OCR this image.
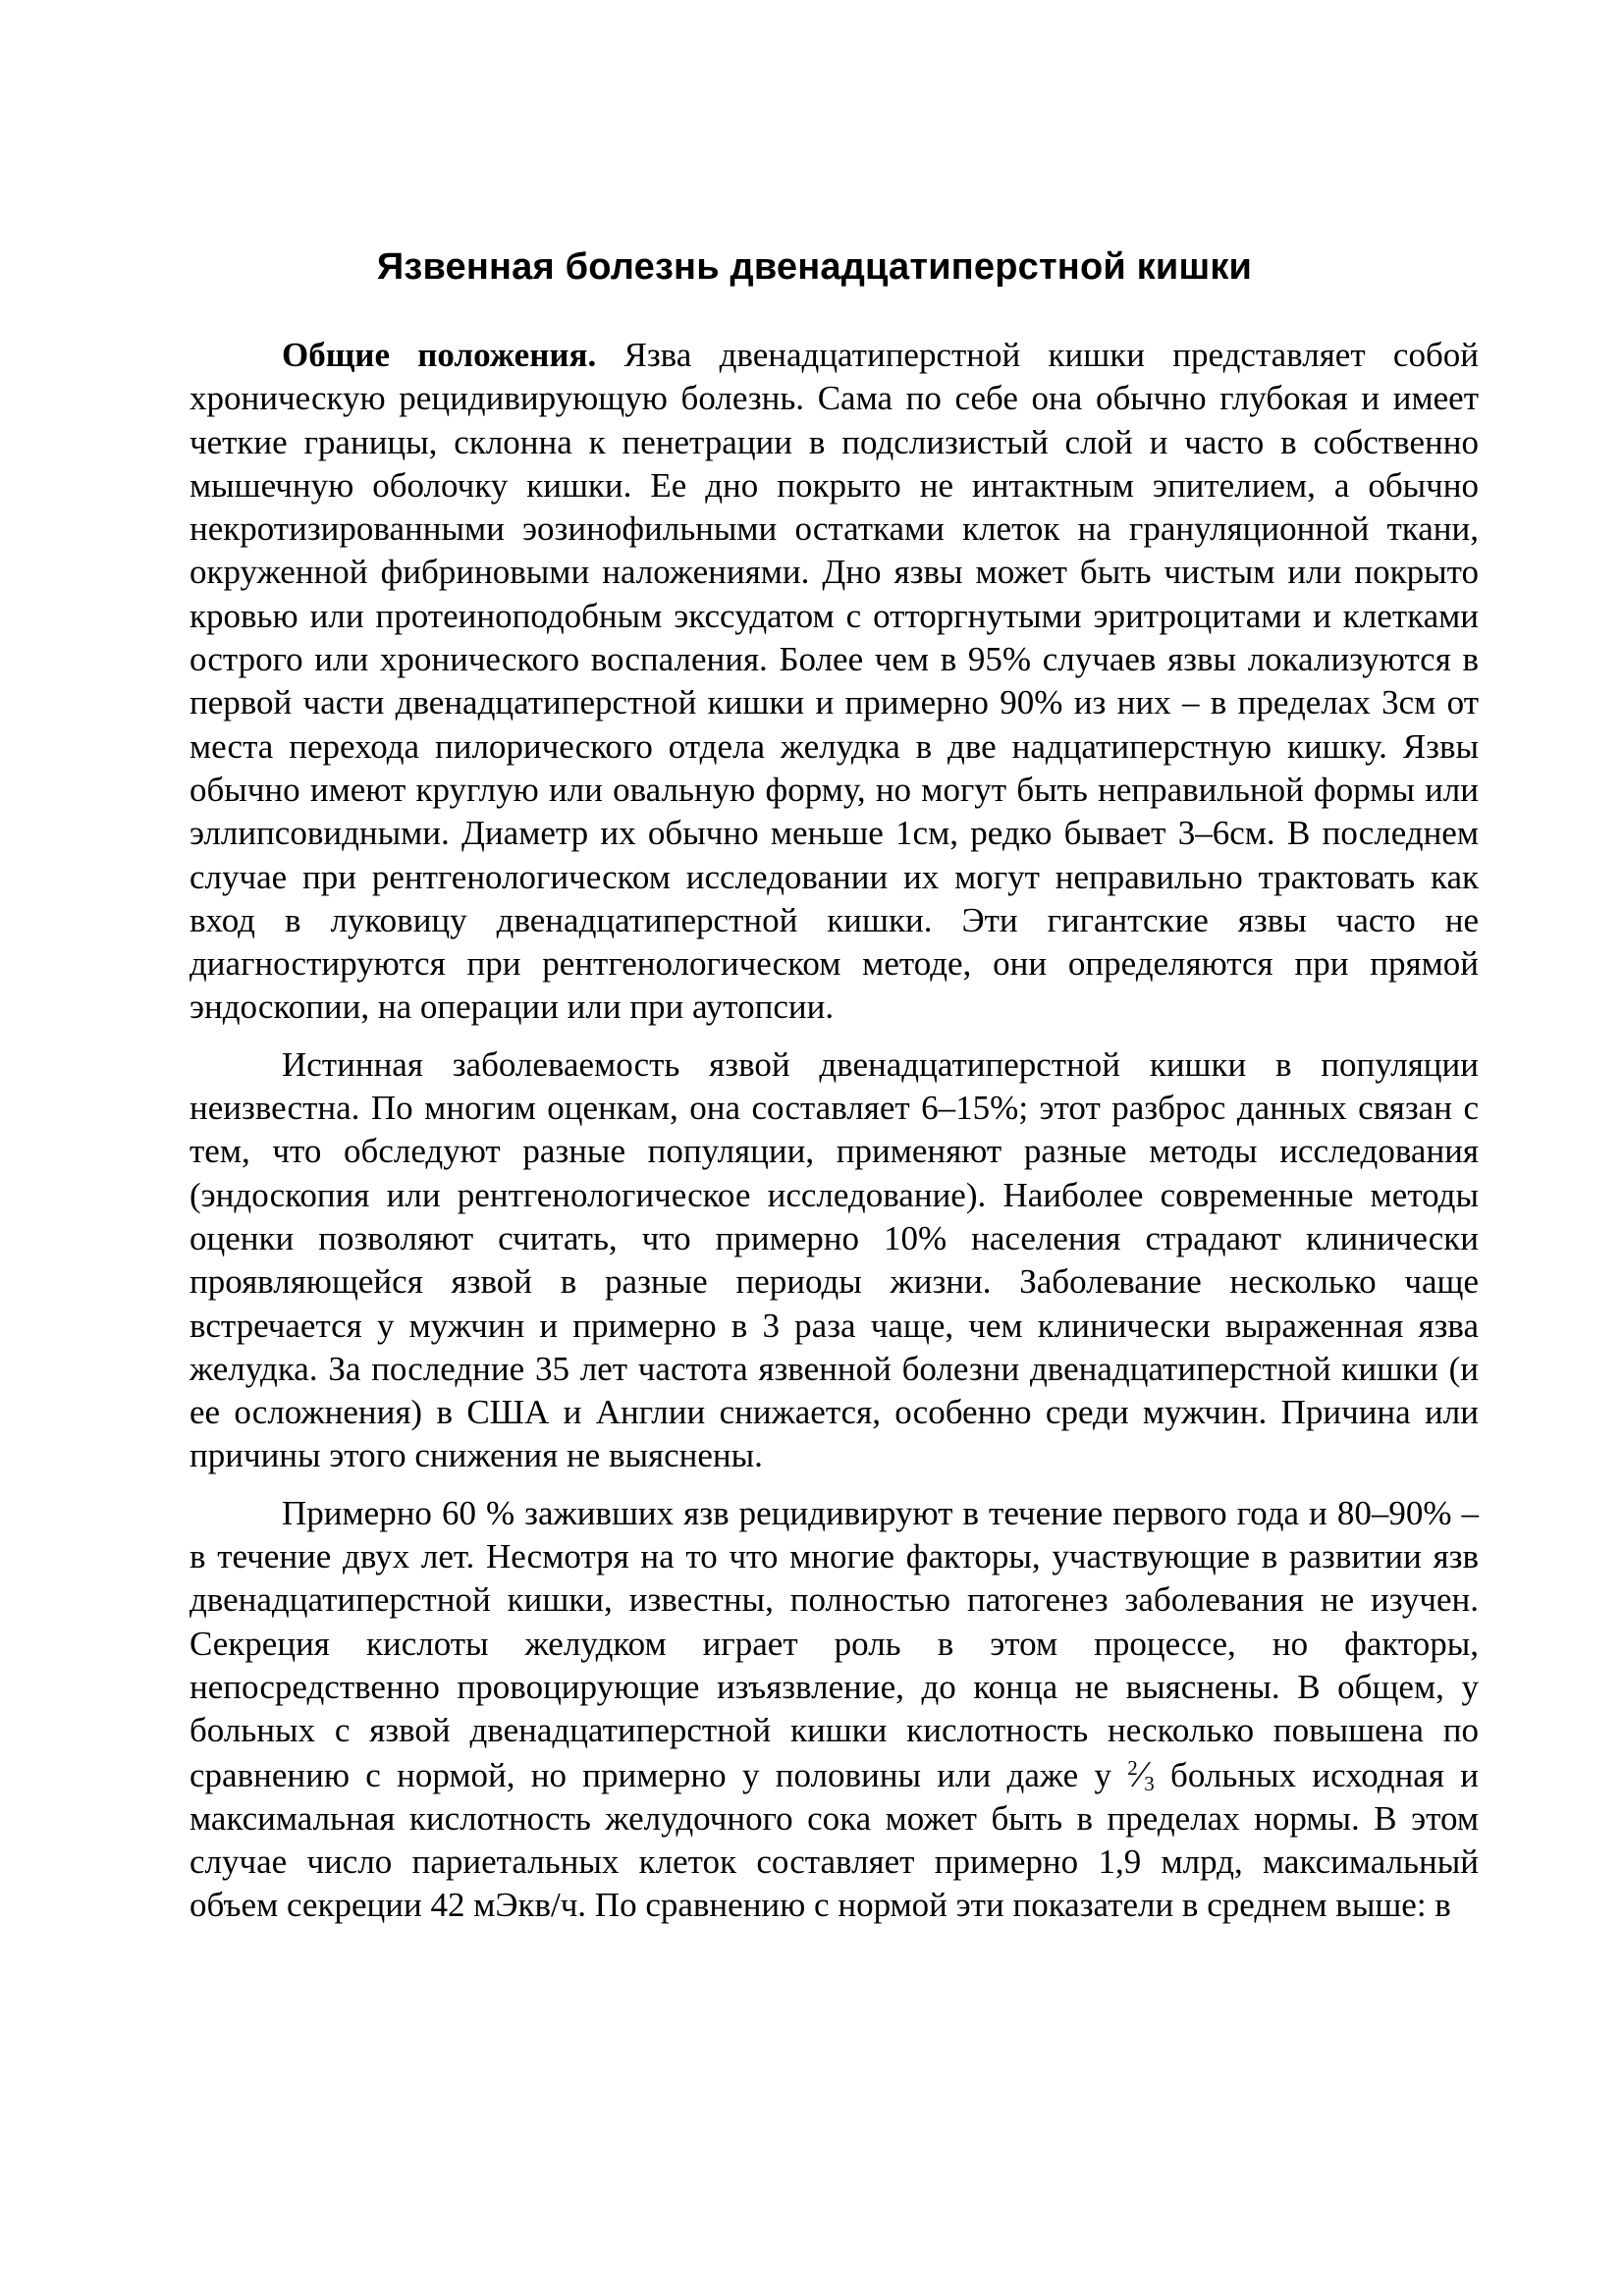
Язвенная болезнь двенадцатиперстной кишки

Общие положения. Язва двенадцатиперстной кишки представляет собой хроническую рецидивирующую болезнь. Сама по себе она обычно глубокая и имеет четкие границы, склонна к пенетрации в подслизистый слой и часто в собственно мышечную оболочку кишки. Ее дно покрыто не интактным эпителием, а обычно некротизированными эозинофильными остатками клеток на грануляционной ткани, окруженной фибриновыми наложениями. Дно язвы может быть чистым или покрыто кровью или протеиноподобным экссудатом с отторгнутыми эритроцитами и клетками острого или хронического воспаления. Более чем в 95% случаев язвы локализуются в первой части двенадцатиперстной кишки и примерно 90% из них – в пределах 3см от места перехода пилорического отдела желудка в две надцатиперстную кишку. Язвы обычно имеют круглую или овальную форму, но могут быть неправильной формы или эллипсовидными. Диаметр их обычно меньше 1см, редко бывает 3–6см. В последнем случае при рентгенологическом исследовании их могут неправильно трактовать как вход в луковицу двенадцатиперстной кишки. Эти гигантские язвы часто не диагностируются при рентгенологическом методе, они определяются при прямой эндоскопии, на операции или при аутопсии.

Истинная заболеваемость язвой двенадцатиперстной кишки в популяции неизвестна. По многим оценкам, она составляет 6–15%; этот разброс данных связан с тем, что обследуют разные популяции, применяют разные методы исследования (эндоскопия или рентгенологическое исследование). Наиболее современные методы оценки позволяют считать, что примерно 10% населения страдают клинически проявляющейся язвой в разные периоды жизни. Заболевание несколько чаще встречается у мужчин и примерно в 3 раза чаще, чем клинически выраженная язва желудка. За последние 35 лет частота язвенной болезни двенадцатиперстной кишки (и ее осложнения) в США и Англии снижается, особенно среди мужчин. Причина или причины этого снижения не выяснены.

Примерно 60 % заживших язв рецидивируют в течение первого года и 80–90% – в течение двух лет. Несмотря на то что многие факторы, участвующие в развитии язв двенадцатиперстной кишки, известны, полностью патогенез заболевания не изучен. Секреция кислоты желудком играет роль в этом процессе, но факторы, непосредственно провоцирующие изъязвление, до конца не выяснены. В общем, у больных с язвой двенадцатиперстной кишки кислотность несколько повышена по сравнению с нормой, но примерно у половины или даже у $^2⁄_3$ больных исходная и максимальная кислотность желудочного сока может быть в пределах нормы. В этом случае число париетальных клеток составляет примерно 1,9 млрд, максимальный объем секреции 42 мЭкв/ч. По сравнению с нормой эти показатели в среднем выше: в
